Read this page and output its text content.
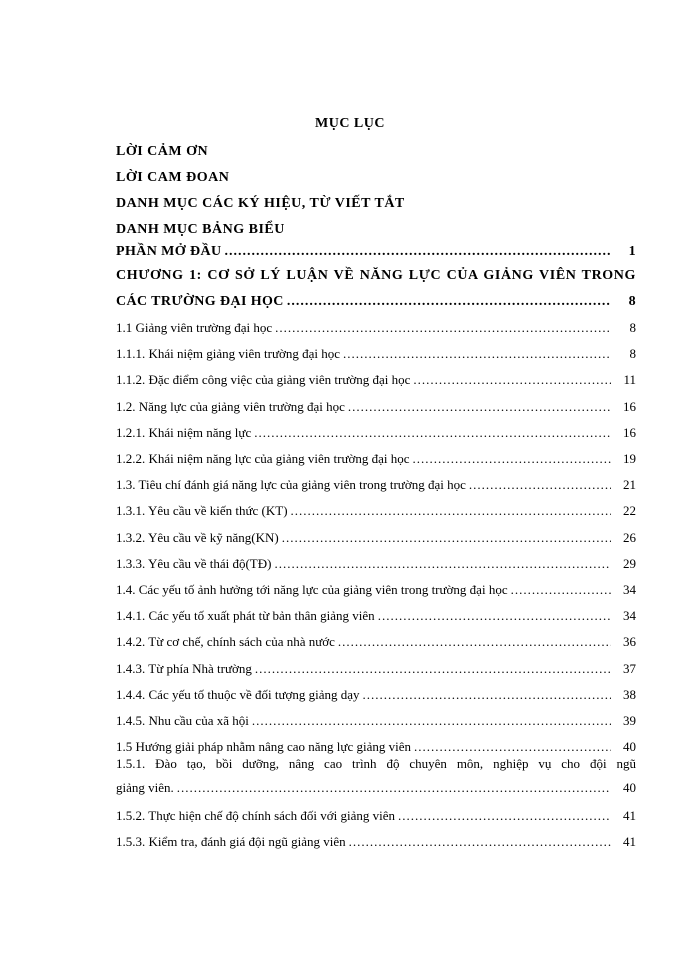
MỤC LỤC
LỜI CẢM ƠN
LỜI CAM ĐOAN
DANH MỤC CÁC KÝ HIỆU, TỪ VIẾT TẮT
DANH MỤC BẢNG BIỂU
PHẦN MỞ ĐẦU .....	1
CHƯƠNG 1: CƠ SỞ LÝ LUẬN VỀ NĂNG LỰC CỦA GIẢNG VIÊN TRONG
CÁC TRƯỜNG ĐẠI HỌC .....	8
1.1 Giảng viên trường đại học .....	8
1.1.1. Khái niệm giảng viên trường đại học .....	8
1.1.2. Đặc điểm công việc của giảng viên trường đại học .....	11
1.2. Năng lực của giảng viên trường đại học .....	16
1.2.1. Khái niệm năng lực .....	16
1.2.2. Khái niệm năng lực của giảng viên trường đại học .....	19
1.3. Tiêu chí đánh giá năng lực của giảng viên trong trường đại học .....	21
1.3.1. Yêu cầu về kiến thức (KT) .....	22
1.3.2. Yêu cầu về kỹ năng(KN) .....	26
1.3.3. Yêu cầu về thái độ(TĐ) .....	29
1.4. Các yếu tố ảnh hưởng tới năng lực của giảng viên trong trường đại học .....	34
1.4.1. Các yếu tố xuất phát từ bản thân giảng viên .....	34
1.4.2. Từ cơ chế, chính sách của nhà nước .....	36
1.4.3. Từ phía Nhà trường .....	37
1.4.4. Các yếu tố thuộc về đối tượng giảng dạy .....	38
1.4.5. Nhu cầu của xã hội .....	39
1.5 Hướng giải pháp nhằm nâng cao năng lực giảng viên .....	40
1.5.1. Đào tạo, bồi dưỡng, nâng cao trình độ chuyên môn, nghiệp vụ cho đội ngũ
giảng viên. .....	40
1.5.2. Thực hiện chế độ chính sách đối với giảng viên .....	41
1.5.3. Kiểm tra, đánh giá đội ngũ giảng viên .....	41
